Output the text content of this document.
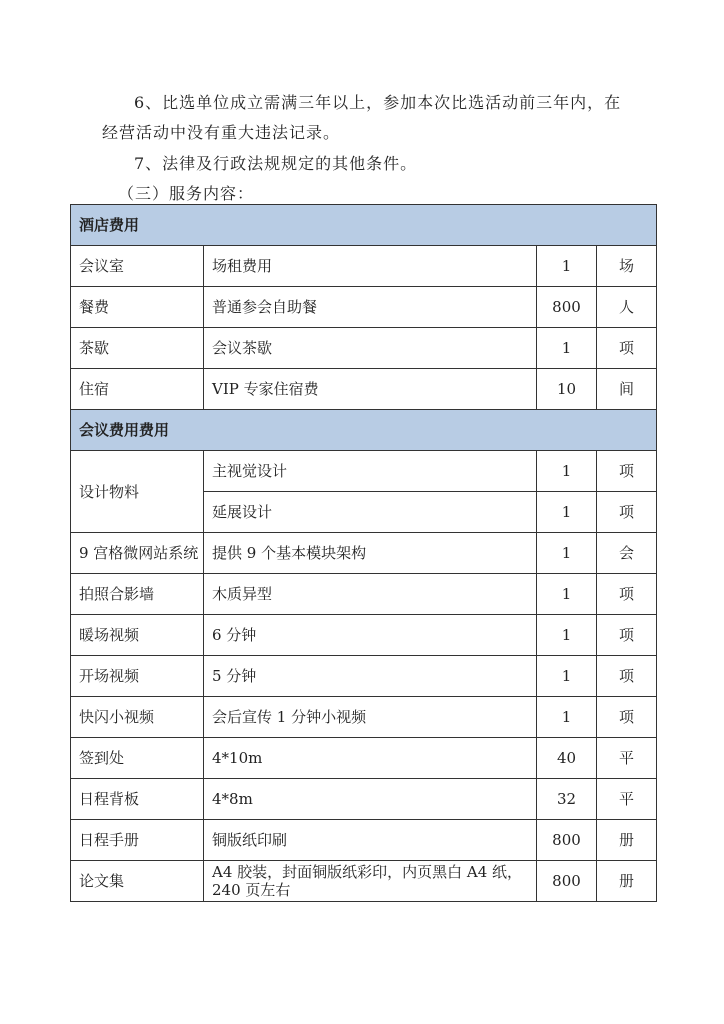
6、比选单位成立需满三年以上，参加本次比选活动前三年内，在
经营活动中没有重大违法记录。
7、法律及行政法规规定的其他条件。
（三）服务内容：
酒店费用			
会议室	场租费用	1	场
餐费	普通参会自助餐	800	人
茶歇	会议茶歇	1	项
住宿	VIP 专家住宿费	10	间
会议费用费用			
设计物料	主视觉设计	1	项
	延展设计	1	项
9 宫格微网站系统	提供 9 个基本模块架构	1	会
拍照合影墙	木质异型	1	项
暖场视频	6 分钟	1	项
开场视频	5 分钟	1	项
快闪小视频	会后宣传 1 分钟小视频	1	项
签到处	4*10m	40	平
日程背板	4*8m	32	平
日程手册	铜版纸印刷	800	册
论文集	A4 胶装，封面铜版纸彩印，内页黑白 A4 纸，240 页左右	800	册
